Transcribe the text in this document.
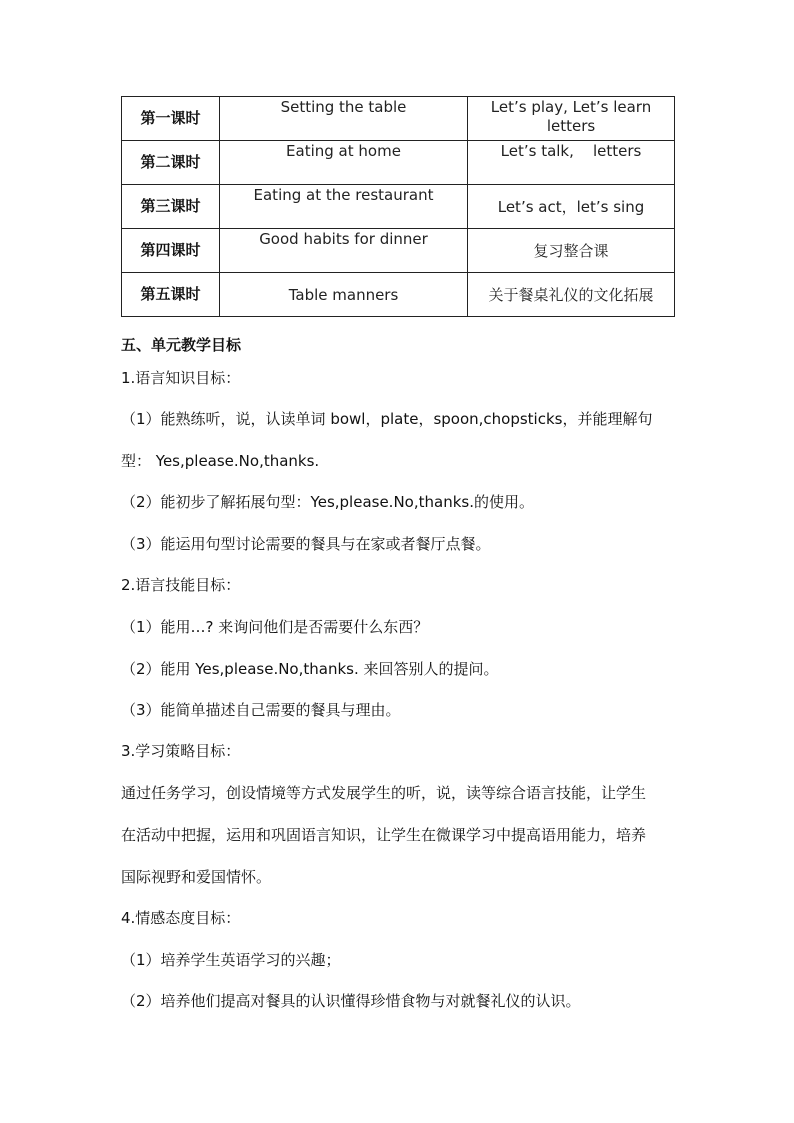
第一课时	Setting the table	Let’s play, Let’s learn letters
第二课时	Eating at home	Let’s talk,    letters
第三课时	Eating at the restaurant	Let’s act，let’s sing
第四课时	Good habits for dinner	复习整合课
第五课时	Table manners	关于餐桌礼仪的文化拓展
五、单元教学目标
1.语言知识目标：
（1）能熟练听，说，认读单词 bowl，plate，spoon,chopsticks，并能理解句
型： Yes,please.No,thanks.
（2）能初步了解拓展句型：Yes,please.No,thanks.的使用。
（3）能运用句型讨论需要的餐具与在家或者餐厅点餐。
2.语言技能目标：
（1）能用…? 来询问他们是否需要什么东西？
（2）能用 Yes,please.No,thanks. 来回答别人的提问。
（3）能简单描述自己需要的餐具与理由。
3.学习策略目标：
通过任务学习，创设情境等方式发展学生的听，说，读等综合语言技能，让学生
在活动中把握，运用和巩固语言知识，让学生在微课学习中提高语用能力，培养
国际视野和爱国情怀。
4.情感态度目标：
（1）培养学生英语学习的兴趣；
（2）培养他们提高对餐具的认识懂得珍惜食物与对就餐礼仪的认识。
